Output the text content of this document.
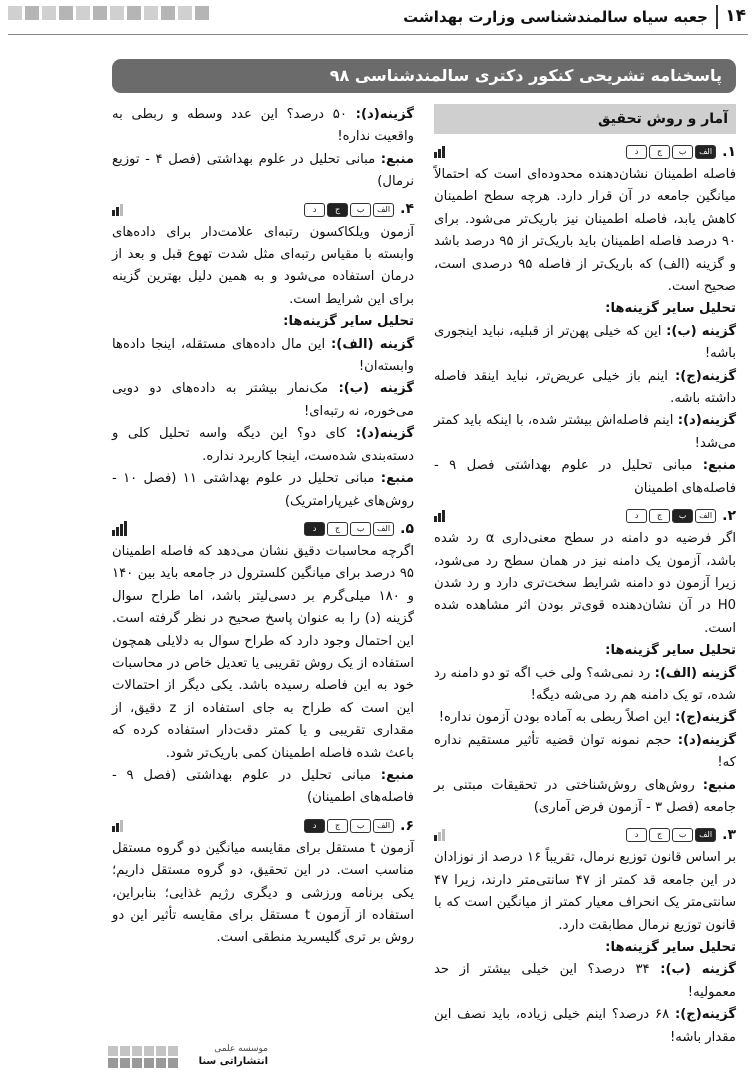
جعبه سیاه سالمندشناسی وزارت بهداشت ۱۴
پاسخنامه تشریحی کنکور دکتری سالمندشناسی ۹۸
آمار و روش تحقیق
۱.
الف
ب
ج
د

فاصله اطمینان نشان‌دهنده محدوده‌ای است که احتمالاً میانگین جامعه در آن قرار دارد. هرچه سطح اطمینان کاهش یابد، فاصله اطمینان نیز باریک‌تر می‌شود. برای ۹۰ درصد فاصله اطمینان باید باریک‌تر از ۹۵ درصد باشد و گزینه (الف) که باریک‌تر از فاصله ۹۵ درصدی است، صحیح است.

تحلیل سایر گزینه‌ها:

گزینه (ب): این که خیلی پهن‌تر از قبلیه، نباید اینجوری باشه!

گزینه(ج): اینم باز خیلی عریض‌تر، نباید اینقد فاصله داشته باشه.

گزینه(د): اینم فاصله‌اش بیشتر شده، با اینکه باید کمتر می‌شد!

منبع: مبانی تحلیل در علوم بهداشتی فصل ۹ - فاصله‌های اطمینان

۲.
الف
ب
ج
د

اگر فرضیه دو دامنه در سطح معنی‌داری α رد شده باشد، آزمون یک دامنه نیز در همان سطح رد می‌شود، زیرا آزمون دو دامنه شرایط سخت‌تری دارد و رد شدن H0 در آن نشان‌دهنده قوی‌تر بودن اثر مشاهده شده است.

تحلیل سایر گزینه‌ها:

گزینه (الف): رد نمی‌شه؟ ولی خب اگه تو دو دامنه رد شده، تو یک دامنه هم رد می‌شه دیگه!

گزینه(ج): این اصلاً ربطی به آماده بودن آزمون نداره!

گزینه(د): حجم نمونه توان قضیه تأثیر مستقیم نداره که!

منبع: روش‌های روش‌شناختی در تحقیقات مبتنی بر جامعه (فصل ۳ - آزمون فرض آماری)

۳.
الف
ب
ج
د

بر اساس قانون توزیع نرمال، تقریباً ۱۶ درصد از نوزادان در این جامعه قد کمتر از ۴۷ سانتی‌متر دارند، زیرا ۴۷ سانتی‌متر یک انحراف معیار کمتر از میانگین است که با قانون توزیع نرمال مطابقت دارد.

تحلیل سایر گزینه‌ها:

گزینه (ب): ۳۴ درصد؟ این خیلی بیشتر از حد معمولیه!

گزینه(ج): ۶۸ درصد؟ اینم خیلی زیاده، باید نصف این مقدار باشه!

گزینه(د): ۵۰ درصد؟ این عدد وسطه و ربطی به واقعیت نداره!

منبع: مبانی تحلیل در علوم بهداشتی (فصل ۴ - توزیع نرمال)

۴.
الف
ب
ج
د

آزمون ویلکاکسون رتبه‌ای علامت‌دار برای داده‌های وابسته با مقیاس رتبه‌ای مثل شدت تهوع قبل و بعد از درمان استفاده می‌شود و به همین دلیل بهترین گزینه برای این شرایط است.

تحلیل سایر گزینه‌ها:

گزینه (الف): این مال داده‌های مستقله، اینجا داده‌ها وابسته‌ان!

گزینه (ب): مک‌نمار بیشتر به داده‌های دو دویی می‌خوره، نه رتبه‌ای!

گزینه(د): کای دو؟ این دیگه واسه تحلیل کلی و دسته‌بندی شده‌ست، اینجا کاربرد نداره.

منبع: مبانی تحلیل در علوم بهداشتی ۱۱ (فصل ۱۰ - روش‌های غیرپارامتریک)

۵.
الف
ب
ج
د

اگرچه محاسبات دقیق نشان می‌دهد که فاصله اطمینان ۹۵ درصد برای میانگین کلسترول در جامعه باید بین ۱۴۰ و ۱۸۰ میلی‌گرم بر دسی‌لیتر باشد، اما طراح سوال گزینه (د) را به عنوان پاسخ صحیح در نظر گرفته است. این احتمال وجود دارد که طراح سوال به دلایلی همچون استفاده از یک روش تقریبی یا تعدیل خاص در محاسبات خود به این فاصله رسیده باشد. یکی دیگر از احتمالات این است که طراح به جای استفاده از z دقیق، از مقداری تقریبی و یا کمتر دقت‌دار استفاده کرده که باعث شده فاصله اطمینان کمی باریک‌تر شود.

منبع: مبانی تحلیل در علوم بهداشتی (فصل ۹ - فاصله‌های اطمینان)

۶.
الف
ب
ج
د

آزمون t مستقل برای مقایسه میانگین دو گروه مستقل مناسب است. در این تحقیق، دو گروه مستقل داریم؛ یکی برنامه ورزشی و دیگری رژیم غذایی؛ بنابراین، استفاده از آزمون t مستقل برای مقایسه تأثیر این دو روش بر تری گلیسرید منطقی است.

موسسه علمی
انتشاراتی سنا
